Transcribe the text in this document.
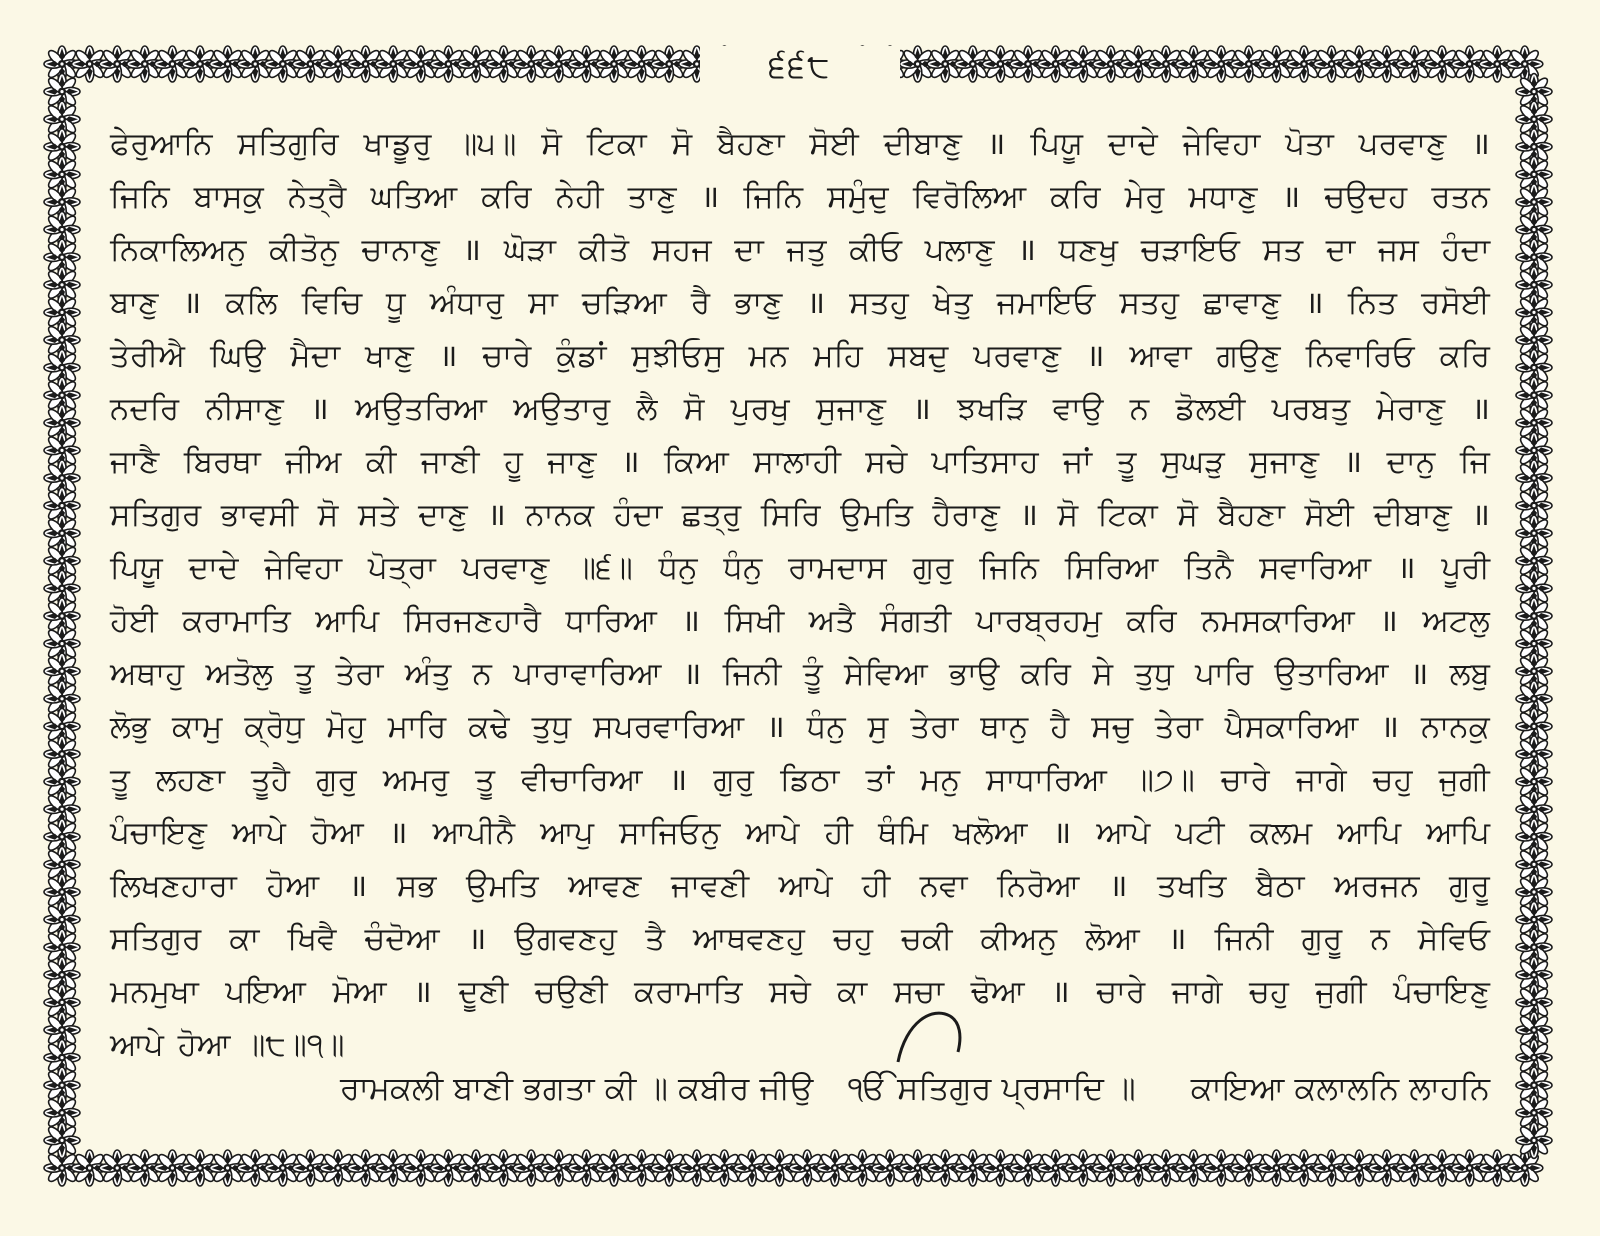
੬੬੮
ਫੇਰੁਆਨਿ ਸਤਿਗੁਰਿ ਖਾਡੂਰੁ ॥੫॥ ਸੋ ਟਿਕਾ ਸੋ ਬੈਹਣਾ ਸੋਈ ਦੀਬਾਣੁ ॥ ਪਿਯੂ ਦਾਦੇ ਜੇਵਿਹਾ ਪੋਤਾ ਪਰਵਾਣੁ ॥
ਜਿਨਿ ਬਾਸਕੁ ਨੇਤ੍ਰੈ ਘਤਿਆ ਕਰਿ ਨੇਹੀ ਤਾਣੁ ॥ ਜਿਨਿ ਸਮੁੰਦੁ ਵਿਰੋਲਿਆ ਕਰਿ ਮੇਰੁ ਮਧਾਣੁ ॥ ਚਉਦਹ ਰਤਨ
ਨਿਕਾਲਿਅਨੁ ਕੀਤੋਨੁ ਚਾਨਾਣੁ ॥ ਘੋੜਾ ਕੀਤੋ ਸਹਜ ਦਾ ਜਤੁ ਕੀਓ ਪਲਾਣੁ ॥ ਧਣਖੁ ਚੜਾਇਓ ਸਤ ਦਾ ਜਸ ਹੰਦਾ
ਬਾਣੁ ॥ ਕਲਿ ਵਿਚਿ ਧੂ ਅੰਧਾਰੁ ਸਾ ਚੜਿਆ ਰੈ ਭਾਣੁ ॥ ਸਤਹੁ ਖੇਤੁ ਜਮਾਇਓ ਸਤਹੁ ਛਾਵਾਣੁ ॥ ਨਿਤ ਰਸੋਈ
ਤੇਰੀਐ ਘਿਉ ਮੈਦਾ ਖਾਣੁ ॥ ਚਾਰੇ ਕੁੰਡਾਂ ਸੁਝੀਓਸੁ ਮਨ ਮਹਿ ਸਬਦੁ ਪਰਵਾਣੁ ॥ ਆਵਾ ਗਉਣੁ ਨਿਵਾਰਿਓ ਕਰਿ
ਨਦਰਿ ਨੀਸਾਣੁ ॥ ਅਉਤਰਿਆ ਅਉਤਾਰੁ ਲੈ ਸੋ ਪੁਰਖੁ ਸੁਜਾਣੁ ॥ ਝਖੜਿ ਵਾਉ ਨ ਡੋਲਈ ਪਰਬਤੁ ਮੇਰਾਣੁ ॥
ਜਾਣੈ ਬਿਰਥਾ ਜੀਅ ਕੀ ਜਾਣੀ ਹੂ ਜਾਣੁ ॥ ਕਿਆ ਸਾਲਾਹੀ ਸਚੇ ਪਾਤਿਸਾਹ ਜਾਂ ਤੂ ਸੁਘੜੁ ਸੁਜਾਣੁ ॥ ਦਾਨੁ ਜਿ
ਸਤਿਗੁਰ ਭਾਵਸੀ ਸੋ ਸਤੇ ਦਾਣੁ ॥ ਨਾਨਕ ਹੰਦਾ ਛਤ੍ਰੁ ਸਿਰਿ ਉਮਤਿ ਹੈਰਾਣੁ ॥ ਸੋ ਟਿਕਾ ਸੋ ਬੈਹਣਾ ਸੋਈ ਦੀਬਾਣੁ ॥
ਪਿਯੂ ਦਾਦੇ ਜੇਵਿਹਾ ਪੋਤ੍ਰਾ ਪਰਵਾਣੁ ॥੬॥ ਧੰਨੁ ਧੰਨੁ ਰਾਮਦਾਸ ਗੁਰੁ ਜਿਨਿ ਸਿਰਿਆ ਤਿਨੈ ਸਵਾਰਿਆ ॥ ਪੂਰੀ
ਹੋਈ ਕਰਾਮਾਤਿ ਆਪਿ ਸਿਰਜਣਹਾਰੈ ਧਾਰਿਆ ॥ ਸਿਖੀ ਅਤੈ ਸੰਗਤੀ ਪਾਰਬ੍ਰਹਮੁ ਕਰਿ ਨਮਸਕਾਰਿਆ ॥ ਅਟਲੁ
ਅਥਾਹੁ ਅਤੋਲੁ ਤੂ ਤੇਰਾ ਅੰਤੁ ਨ ਪਾਰਾਵਾਰਿਆ ॥ ਜਿਨੀ ਤੂੰ ਸੇਵਿਆ ਭਾਉ ਕਰਿ ਸੇ ਤੁਧੁ ਪਾਰਿ ਉਤਾਰਿਆ ॥ ਲਬੁ
ਲੋਭੁ ਕਾਮੁ ਕ੍ਰੋਧੁ ਮੋਹੁ ਮਾਰਿ ਕਢੇ ਤੁਧੁ ਸਪਰਵਾਰਿਆ ॥ ਧੰਨੁ ਸੁ ਤੇਰਾ ਥਾਨੁ ਹੈ ਸਚੁ ਤੇਰਾ ਪੈਸਕਾਰਿਆ ॥ ਨਾਨਕੁ
ਤੂ ਲਹਣਾ ਤੂਹੈ ਗੁਰੁ ਅਮਰੁ ਤੂ ਵੀਚਾਰਿਆ ॥ ਗੁਰੁ ਡਿਠਾ ਤਾਂ ਮਨੁ ਸਾਧਾਰਿਆ ॥੭॥ ਚਾਰੇ ਜਾਗੇ ਚਹੁ ਜੁਗੀ
ਪੰਚਾਇਣੁ ਆਪੇ ਹੋਆ ॥ ਆਪੀਨੈ ਆਪੁ ਸਾਜਿਓਨੁ ਆਪੇ ਹੀ ਥੰਮਿ ਖਲੋਆ ॥ ਆਪੇ ਪਟੀ ਕਲਮ ਆਪਿ ਆਪਿ
ਲਿਖਣਹਾਰਾ ਹੋਆ ॥ ਸਭ ਉਮਤਿ ਆਵਣ ਜਾਵਣੀ ਆਪੇ ਹੀ ਨਵਾ ਨਿਰੋਆ ॥ ਤਖਤਿ ਬੈਠਾ ਅਰਜਨ ਗੁਰੂ
ਸਤਿਗੁਰ ਕਾ ਖਿਵੈ ਚੰਦੋਆ ॥ ਉਗਵਣਹੁ ਤੈ ਆਥਵਣਹੁ ਚਹੁ ਚਕੀ ਕੀਅਨੁ ਲੋਆ ॥ ਜਿਨੀ ਗੁਰੂ ਨ ਸੇਵਿਓ
ਮਨਮੁਖਾ ਪਇਆ ਮੋਆ ॥ ਦੂਣੀ ਚਉਣੀ ਕਰਾਮਾਤਿ ਸਚੇ ਕਾ ਸਚਾ ਢੋਆ ॥ ਚਾਰੇ ਜਾਗੇ ਚਹੁ ਜੁਗੀ ਪੰਚਾਇਣੁ
ਆਪੇ ਹੋਆ ॥੮॥੧॥
ਰਾਮਕਲੀ ਬਾਣੀ ਭਗਤਾ ਕੀ ॥ ਕਬੀਰ ਜੀਉ ੴ ਸਤਿਗੁਰ ਪ੍ਰਸਾਦਿ ॥ ਕਾਇਆ ਕਲਾਲਨਿ ਲਾਹਨਿ
